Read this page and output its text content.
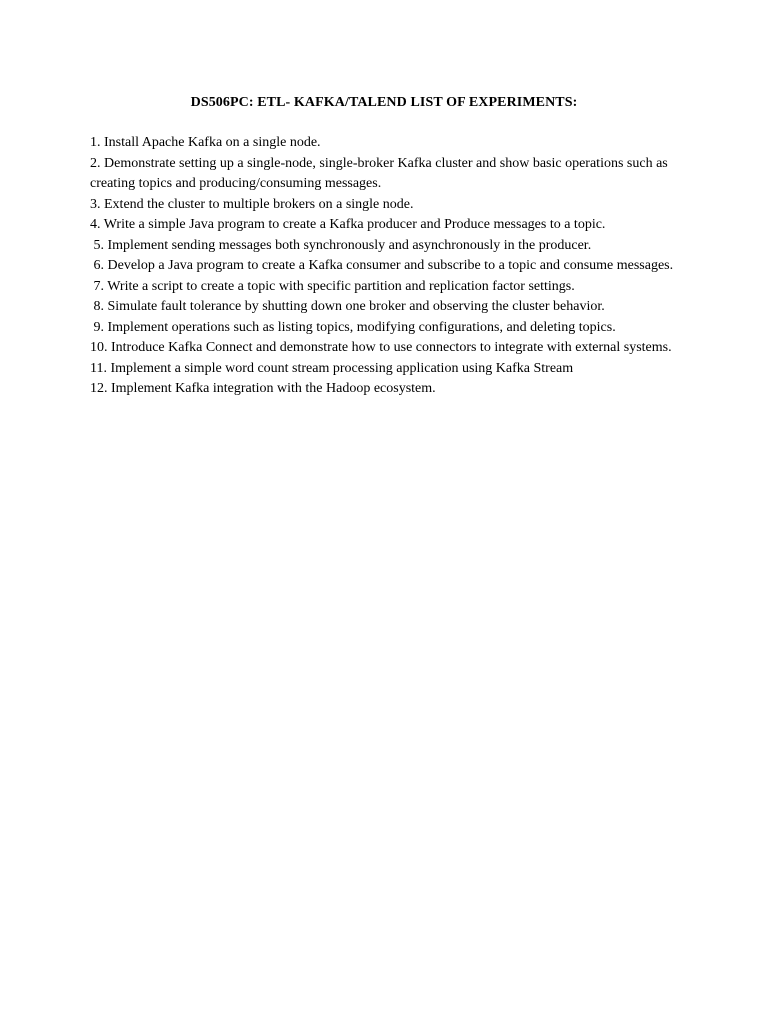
DS506PC: ETL- KAFKA/TALEND LIST OF EXPERIMENTS:
1. Install Apache Kafka on a single node.
2. Demonstrate setting up a single-node, single-broker Kafka cluster and show basic operations such as creating topics and producing/consuming messages.
3. Extend the cluster to multiple brokers on a single node.
4. Write a simple Java program to create a Kafka producer and Produce messages to a topic.
5. Implement sending messages both synchronously and asynchronously in the producer.
6. Develop a Java program to create a Kafka consumer and subscribe to a topic and consume messages.
7. Write a script to create a topic with specific partition and replication factor settings.
8. Simulate fault tolerance by shutting down one broker and observing the cluster behavior.
9. Implement operations such as listing topics, modifying configurations, and deleting topics.
10. Introduce Kafka Connect and demonstrate how to use connectors to integrate with external systems.
11. Implement a simple word count stream processing application using Kafka Stream
12. Implement Kafka integration with the Hadoop ecosystem.
